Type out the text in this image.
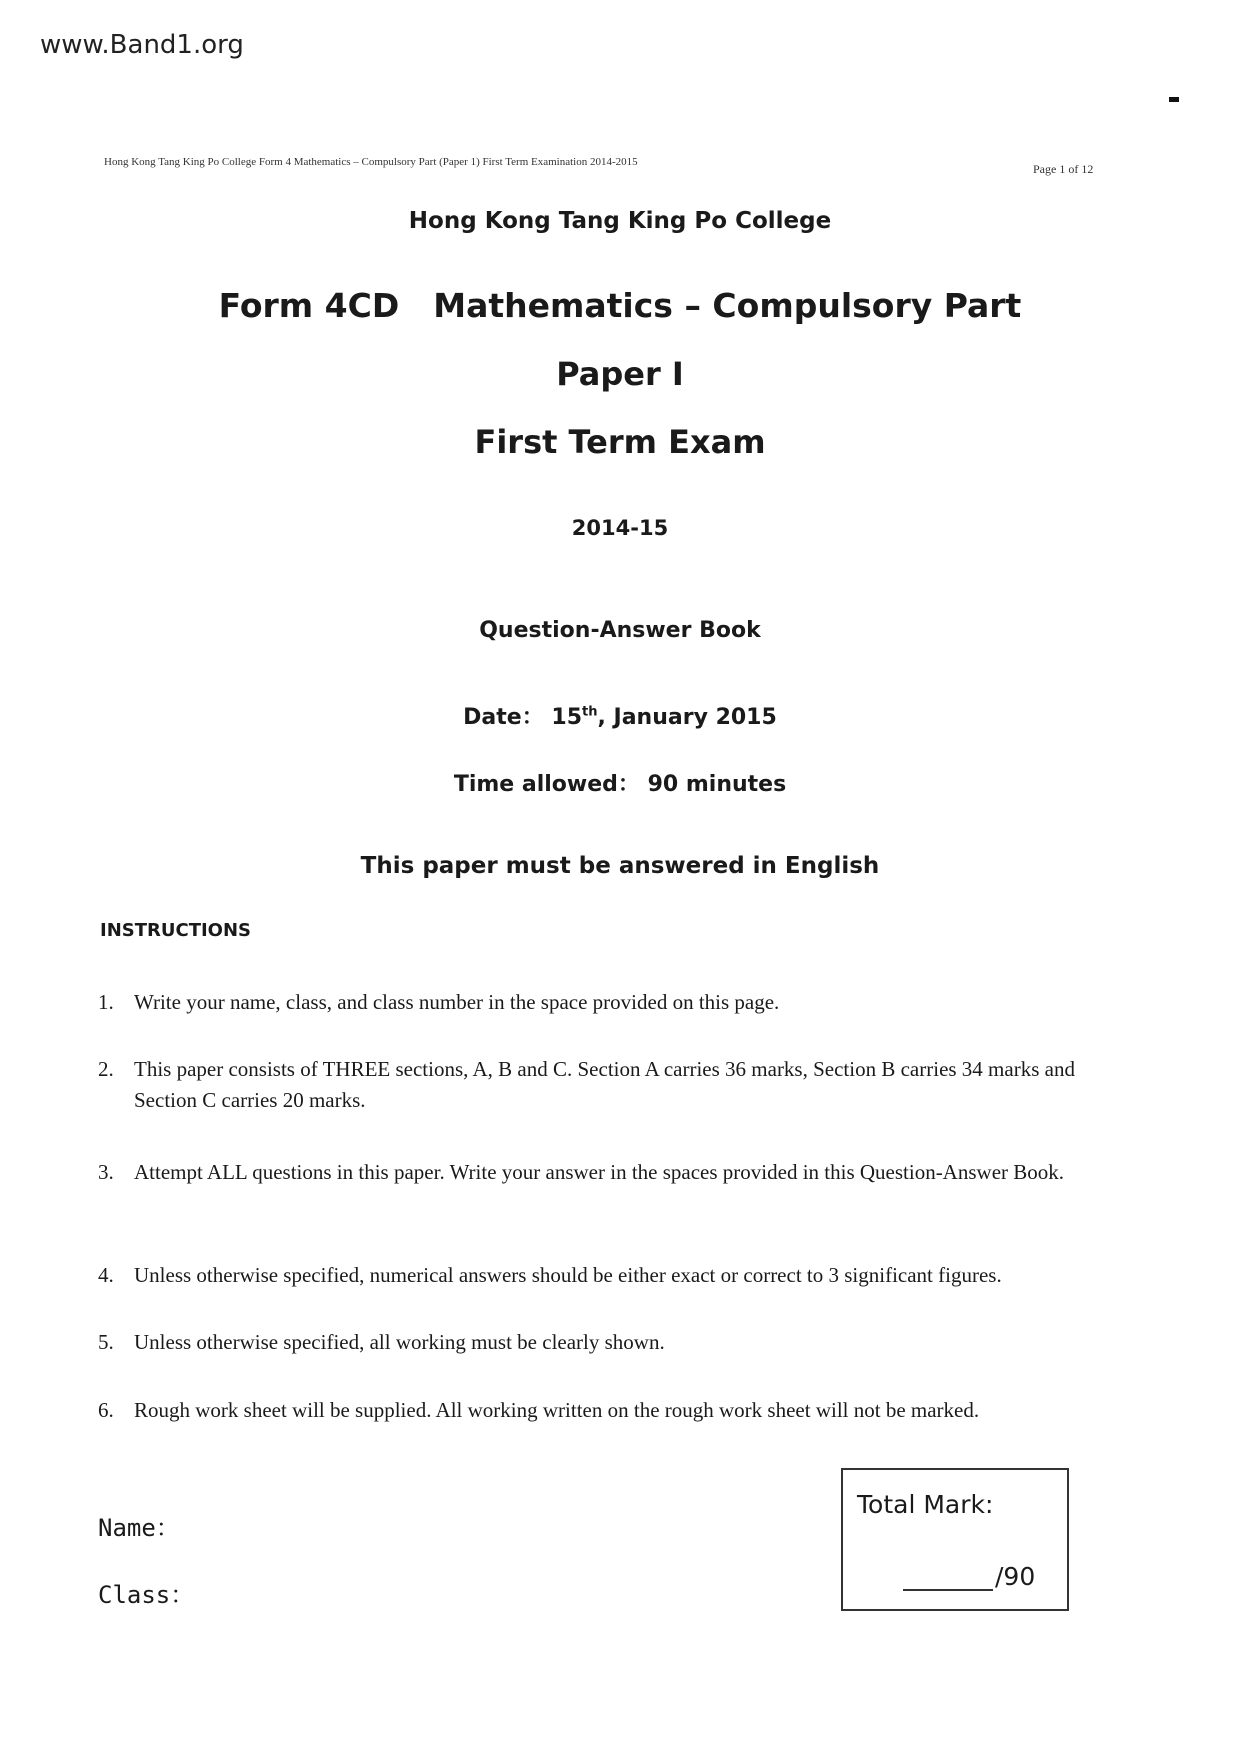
www.Band1.org
Hong Kong Tang King Po College Form 4 Mathematics – Compulsory Part (Paper 1) First Term Examination 2014-2015	Page 1 of 12
Hong Kong Tang King Po College
Form 4CD Mathematics – Compulsory Part
Paper I
First Term Exam
2014-15
Question-Answer Book
Date： 15th, January 2015
Time allowed： 90 minutes
This paper must be answered in English
INSTRUCTIONS
1. Write your name, class, and class number in the space provided on this page.
2. This paper consists of THREE sections, A, B and C. Section A carries 36 marks, Section B carries 34 marks and Section C carries 20 marks.
3. Attempt ALL questions in this paper. Write your answer in the spaces provided in this Question-Answer Book.
4. Unless otherwise specified, numerical answers should be either exact or correct to 3 significant figures.
5. Unless otherwise specified, all working must be clearly shown.
6. Rough work sheet will be supplied. All working written on the rough work sheet will not be marked.
Name：
Class：
Total Mark:
/90
